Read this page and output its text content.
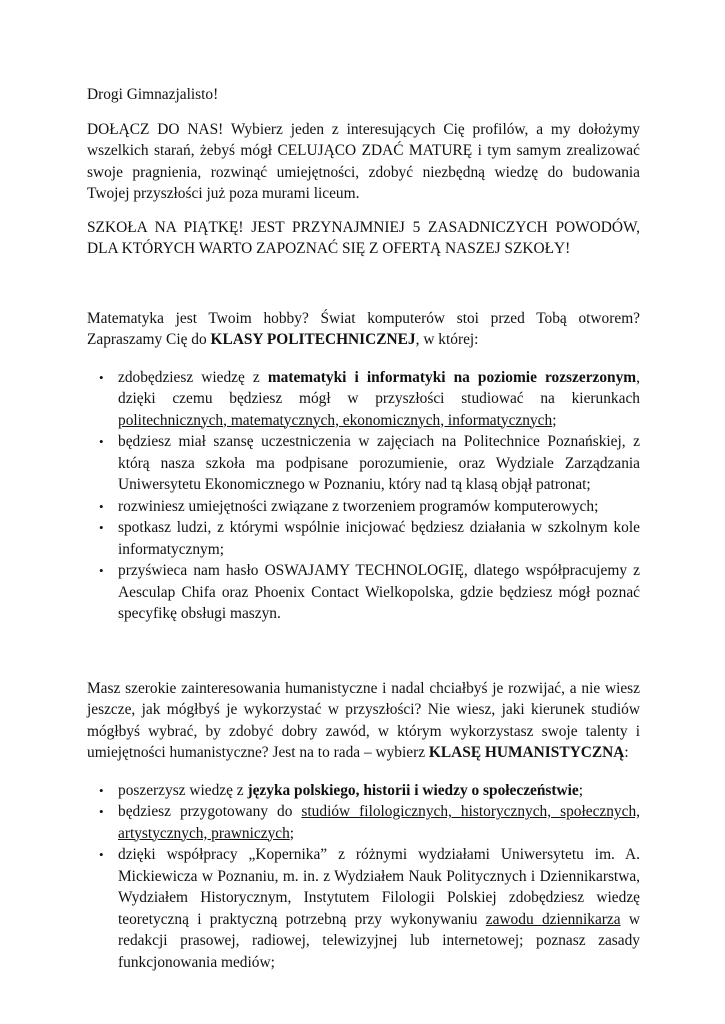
Drogi Gimnazjalisto!

DOŁĄCZ DO NAS! Wybierz jeden z interesujących Cię profilów, a my dołożymy wszelkich starań, żebyś mógł CELUJĄCO ZDAĆ MATURĘ i tym samym zrealizować swoje pragnienia, rozwinąć umiejętności, zdobyć niezbędną wiedzę do budowania Twojej przyszłości już poza murami liceum.

SZKOŁA NA PIĄTKĘ! JEST PRZYNAJMNIEJ 5 ZASADNICZYCH POWODÓW, DLA KTÓRYCH WARTO ZAPOZNAĆ SIĘ Z OFERTĄ NASZEJ SZKOŁY!

Matematyka jest Twoim hobby? Świat komputerów stoi przed Tobą otworem? Zapraszamy Cię do KLASY POLITECHNICZNEJ, w której:

• zdobędziesz wiedzę z matematyki i informatyki na poziomie rozszerzonym, dzięki czemu będziesz mógł w przyszłości studiować na kierunkach politechnicznych, matematycznych, ekonomicznych, informatycznych;
• będziesz miał szansę uczestniczenia w zajęciach na Politechnice Poznańskiej, z którą nasza szkoła ma podpisane porozumienie, oraz Wydziale Zarządzania Uniwersytetu Ekonomicznego w Poznaniu, który nad tą klasą objął patronat;
• rozwiniesz umiejętności związane z tworzeniem programów komputerowych;
• spotkasz ludzi, z którymi wspólnie inicjować będziesz działania w szkolnym kole informatycznym;
• przyświeca nam hasło OSWAJAMY TECHNOLOGIĘ, dlatego współpracujemy z Aesculap Chifa oraz Phoenix Contact Wielkopolska, gdzie będziesz mógł poznać specyfikę obsługi maszyn.

Masz szerokie zainteresowania humanistyczne i nadal chciałbyś je rozwijać, a nie wiesz jeszcze, jak mógłbyś je wykorzystać w przyszłości? Nie wiesz, jaki kierunek studiów mógłbyś wybrać, by zdobyć dobry zawód, w którym wykorzystasz swoje talenty i umiejętności humanistyczne? Jest na to rada – wybierz KLASĘ HUMANISTYCZNĄ:

• poszerzysz wiedzę z języka polskiego, historii i wiedzy o społeczeństwie;
• będziesz przygotowany do studiów filologicznych, historycznych, społecznych, artystycznych, prawniczych;
• dzięki współpracy „Kopernika” z różnymi wydziałami Uniwersytetu im. A. Mickiewicza w Poznaniu, m. in. z Wydziałem Nauk Politycznych i Dziennikarstwa, Wydziałem Historycznym, Instytutem Filologii Polskiej zdobędziesz wiedzę teoretyczną i praktyczną potrzebną przy wykonywaniu zawodu dziennikarza w redakcji prasowej, radiowej, telewizyjnej lub internetowej; poznasz zasady funkcjonowania mediów;
